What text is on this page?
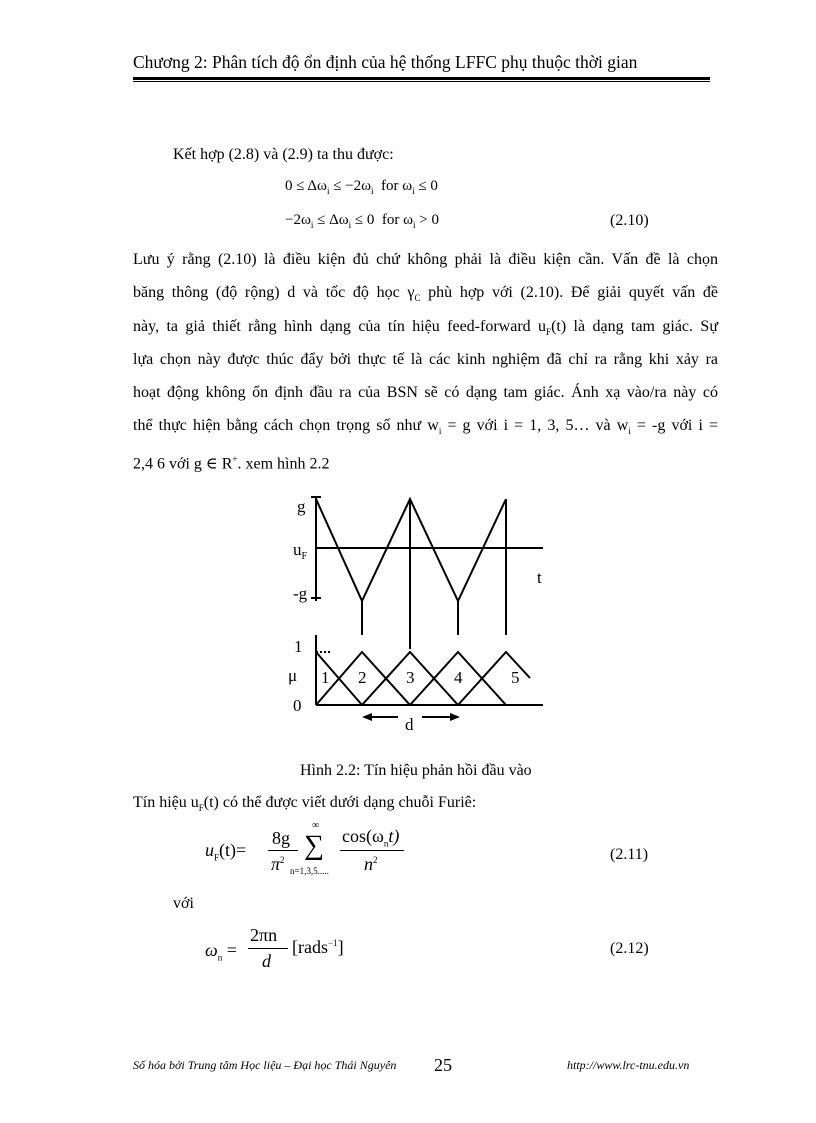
Chương 2: Phân tích độ ổn định của hệ thống LFFC phụ thuộc thời gian
Kết hợp (2.8) và (2.9) ta thu được:
$0 \le \Delta\omega_i \le -2\omega_i$ for $\omega_i \le 0$
$-2\omega_i \le \Delta\omega_i \le 0$ for $\omega_i > 0$	(2.10)
Lưu ý rằng (2.10) là điều kiện đủ chứ không phải là điều kiện cần. Vấn đề là chọn
băng thông (độ rộng) d và tốc độ học $\gamma_C$ phù hợp với (2.10). Để giải quyết vấn đề
này, ta giả thiết rằng hình dạng của tín hiệu feed-forward $u_F(t)$ là dạng tam giác. Sự
lựa chọn này được thúc đẩy bởi thực tế là các kinh nghiệm đã chỉ ra rằng khi xảy ra
hoạt động không ổn định đầu ra của BSN sẽ có dạng tam giác. Ánh xạ vào/ra này có
thể thực hiện bằng cách chọn trọng số như $w_i = g$ với i = 1, 3, 5… và $w_i = -g$ với i =
2,4 6 với g ∈ R+. xem hình 2.2
g
$u_F$
-g
t
1
μ
0
1 2 3 4	5
d
Hình 2.2: Tín hiệu phản hồi đầu vào
Tín hiệu $u_F(t)$ có thể được viết dưới dạng chuỗi Furiê:
$u_F(t)=$
8g
$\pi^2$
∞
∑
n=1,3,5.....
$\cos(\omega_nt)$
$n^2$	(2.11)
với
$\omega_n$ =
2πn
d
[rads$^{-1}$]	(2.12)
Số hóa bởi Trung tâm Học liệu – Đại học Thái Nguyên 25	http://www.lrc-tnu.edu.vn
